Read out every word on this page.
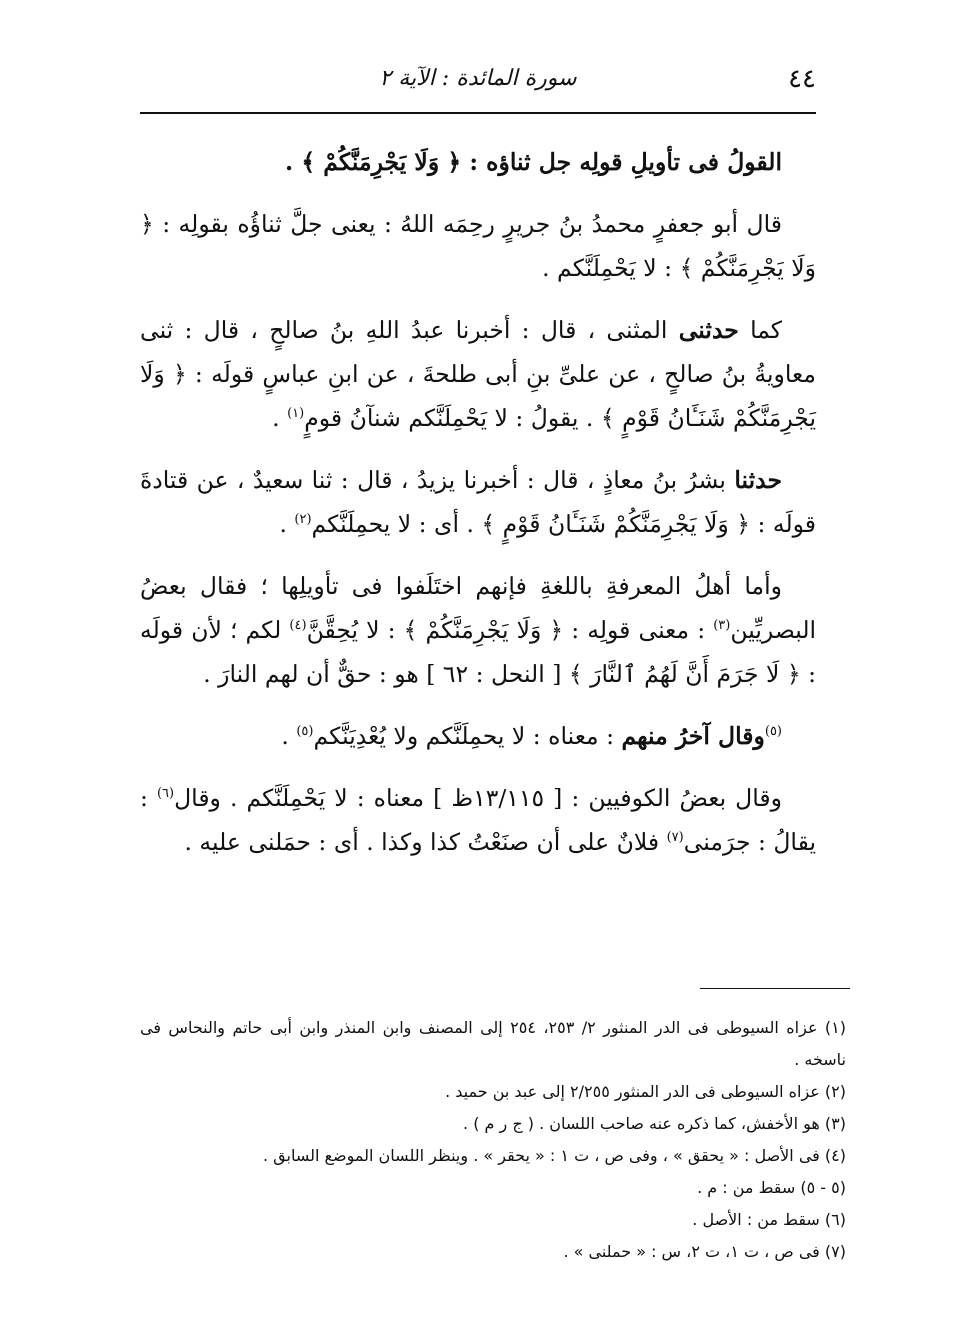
٤٤
سورة المائدة : الآية ٢

القولُ فى تأويلِ قولِه جل ثناؤه : ﴿ وَلَا يَجْرِمَنَّكُمْ ﴾ .

قال أبو جعفرٍ محمدُ بنُ جريرٍ رحِمَه اللهُ : يعنى جلَّ ثناؤُه بقولِه : ﴿ وَلَا يَجْرِمَنَّكُمْ ﴾ : لا يَحْمِلَنَّكم .

كما حدثنى المثنى ، قال : أخبرنا عبدُ اللهِ بنُ صالحٍ ، قال : ثنى معاويةُ بنُ صالحٍ ، عن علىِّ بنِ أبى طلحةَ ، عن ابنِ عباسٍ قولَه : ﴿ وَلَا يَجْرِمَنَّكُمْ شَنَـَٔانُ قَوْمٍ ﴾ . يقولُ : لا يَحْمِلَنَّكم شنآنُ قومٍ$^{(١)}$ .

حدثنا بشرُ بنُ معاذٍ ، قال : أخبرنا يزيدُ ، قال : ثنا سعيدٌ ، عن قتادةَ قولَه : ﴿ وَلَا يَجْرِمَنَّكُمْ شَنَـَٔانُ قَوْمٍ ﴾ . أى : لا يحمِلَنَّكم$^{(٢)}$ .

وأما أهلُ المعرفةِ باللغةِ فإنهم اختَلَفوا فى تأويلِها ؛ فقال بعضُ البصريِّين$^{(٣)}$ : معنى قولِه : ﴿ وَلَا يَجْرِمَنَّكُمْ ﴾ : لا يُحِقَّنَّ$^{(٤)}$ لكم ؛ لأن قولَه : ﴿ لَا جَرَمَ أَنَّ لَهُمُ ٱلنَّارَ ﴾ [ النحل : ٦٢ ] هو : حقٌّ أن لهم النارَ .

$^{(٥)}$وقال آخرُ منهم : معناه : لا يحمِلَنَّكم ولا يُعْدِيَنَّكم$^{(٥)}$ .

وقال بعضُ الكوفيين : [ ١٣/١١٥ظ ] معناه : لا يَحْمِلَنَّكم . وقال$^{(٦)}$ : يقالُ : جرَمنى$^{(٧)}$ فلانٌ على أن صنَعْتُ كذا وكذا . أى : حمَلنى عليه .

(١) عزاه السيوطى فى الدر المنثور ٢/ ٢٥٣، ٢٥٤ إلى المصنف وابن المنذر وابن أبى حاتم والنحاس فى ناسخه .

(٢) عزاه السيوطى فى الدر المنثور ٢/٢٥٥ إلى عبد بن حميد .

(٣) هو الأخفش، كما ذكره عنه صاحب اللسان . ( ج ر م ) .

(٤) فى الأصل : « يحقق » ، وفى ص ، ت ١ : « يحقر » . وينظر اللسان الموضع السابق .

(٥ - ٥) سقط من : م .

(٦) سقط من : الأصل .

(٧) فى ص ، ت ١، ت ٢، س : « حملنى » .
